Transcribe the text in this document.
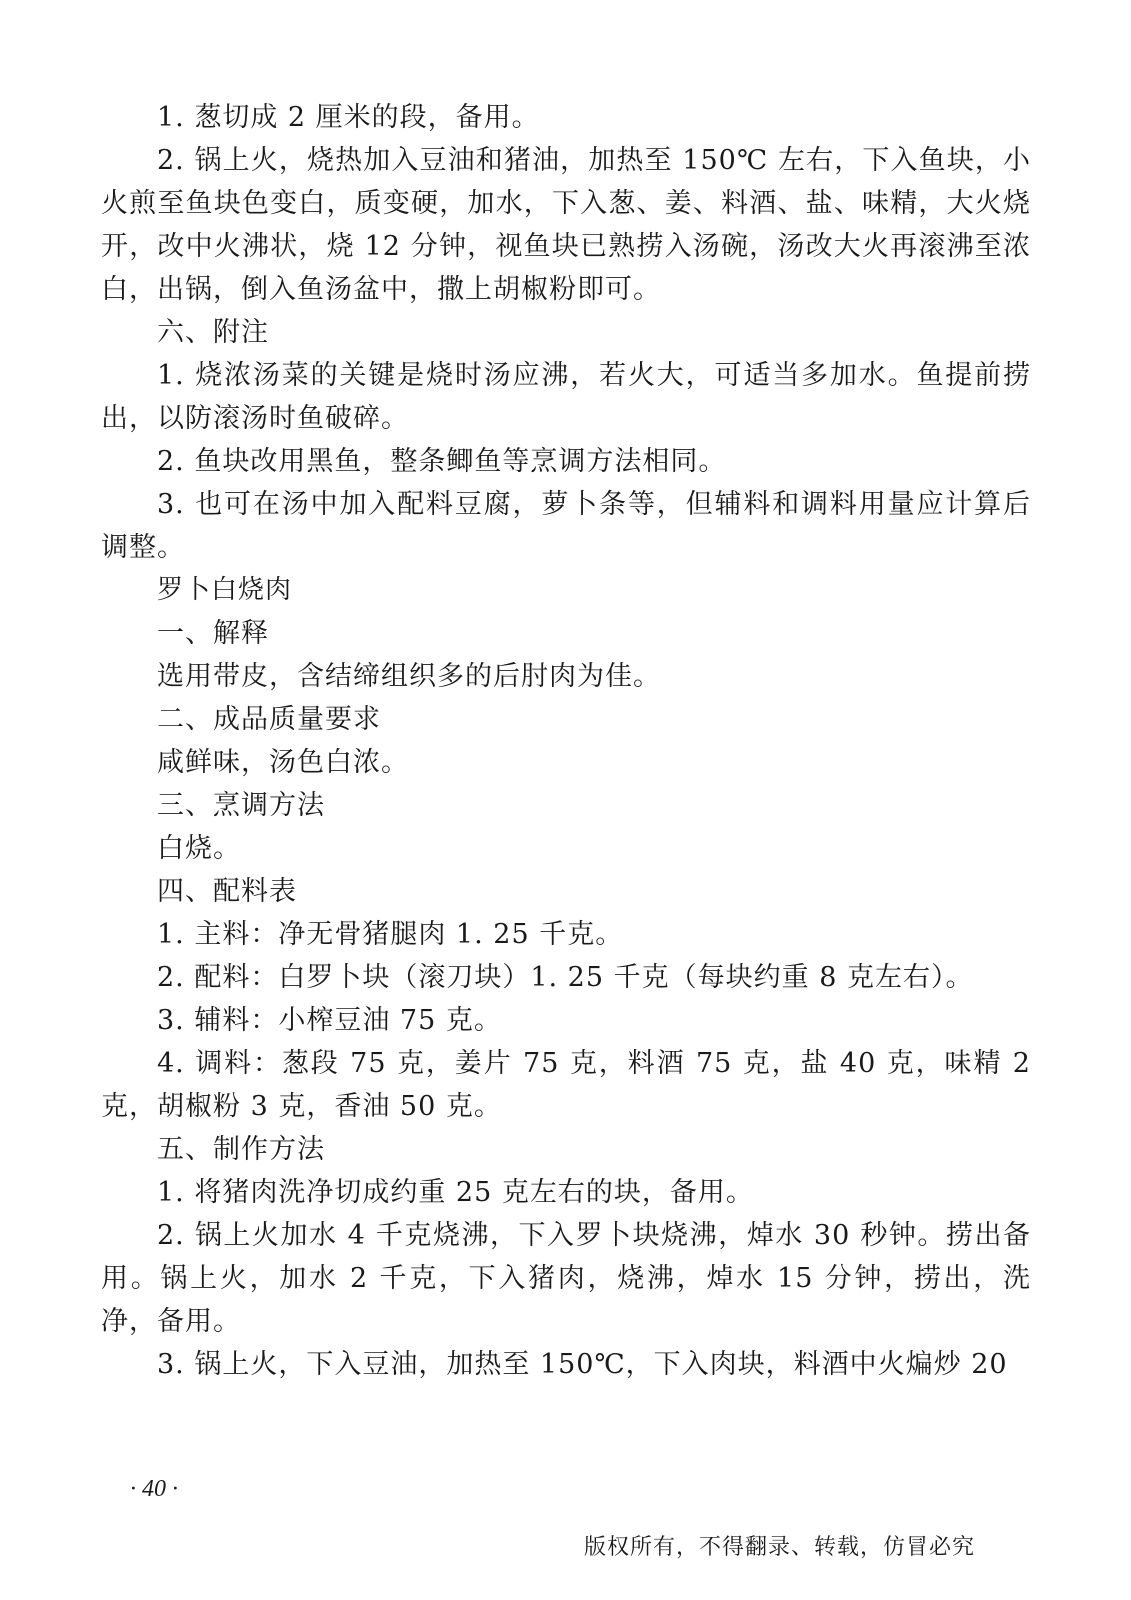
1. 葱切成 2 厘米的段，备用。

2. 锅上火，烧热加入豆油和猪油，加热至 150℃ 左右，下入鱼块，小火煎至鱼块色变白，质变硬，加水，下入葱、姜、料酒、盐、味精，大火烧开，改中火沸状，烧 12 分钟，视鱼块已熟捞入汤碗，汤改大火再滚沸至浓白，出锅，倒入鱼汤盆中，撒上胡椒粉即可。

六、附注

1. 烧浓汤菜的关键是烧时汤应沸，若火大，可适当多加水。鱼提前捞出，以防滚汤时鱼破碎。

2. 鱼块改用黑鱼，整条鲫鱼等烹调方法相同。

3. 也可在汤中加入配料豆腐，萝卜条等，但辅料和调料用量应计算后调整。

罗卜白烧肉

一、解释

选用带皮，含结缔组织多的后肘肉为佳。

二、成品质量要求

咸鲜味，汤色白浓。

三、烹调方法

白烧。

四、配料表

1. 主料：净无骨猪腿肉 1. 25 千克。

2. 配料：白罗卜块（滚刀块）1. 25 千克（每块约重 8 克左右）。

3. 辅料：小榨豆油 75 克。

4. 调料：葱段 75 克，姜片 75 克，料酒 75 克，盐 40 克，味精 2 克，胡椒粉 3 克，香油 50 克。

五、制作方法

1. 将猪肉洗净切成约重 25 克左右的块，备用。

2. 锅上火加水 4 千克烧沸，下入罗卜块烧沸，焯水 30 秒钟。捞出备用。锅上火，加水 2 千克，下入猪肉，烧沸，焯水 15 分钟，捞出，洗净，备用。

3. 锅上火，下入豆油，加热至 150℃，下入肉块，料酒中火煸炒 20

· 40 ·
版权所有，不得翻录、转载，仿冒必究
